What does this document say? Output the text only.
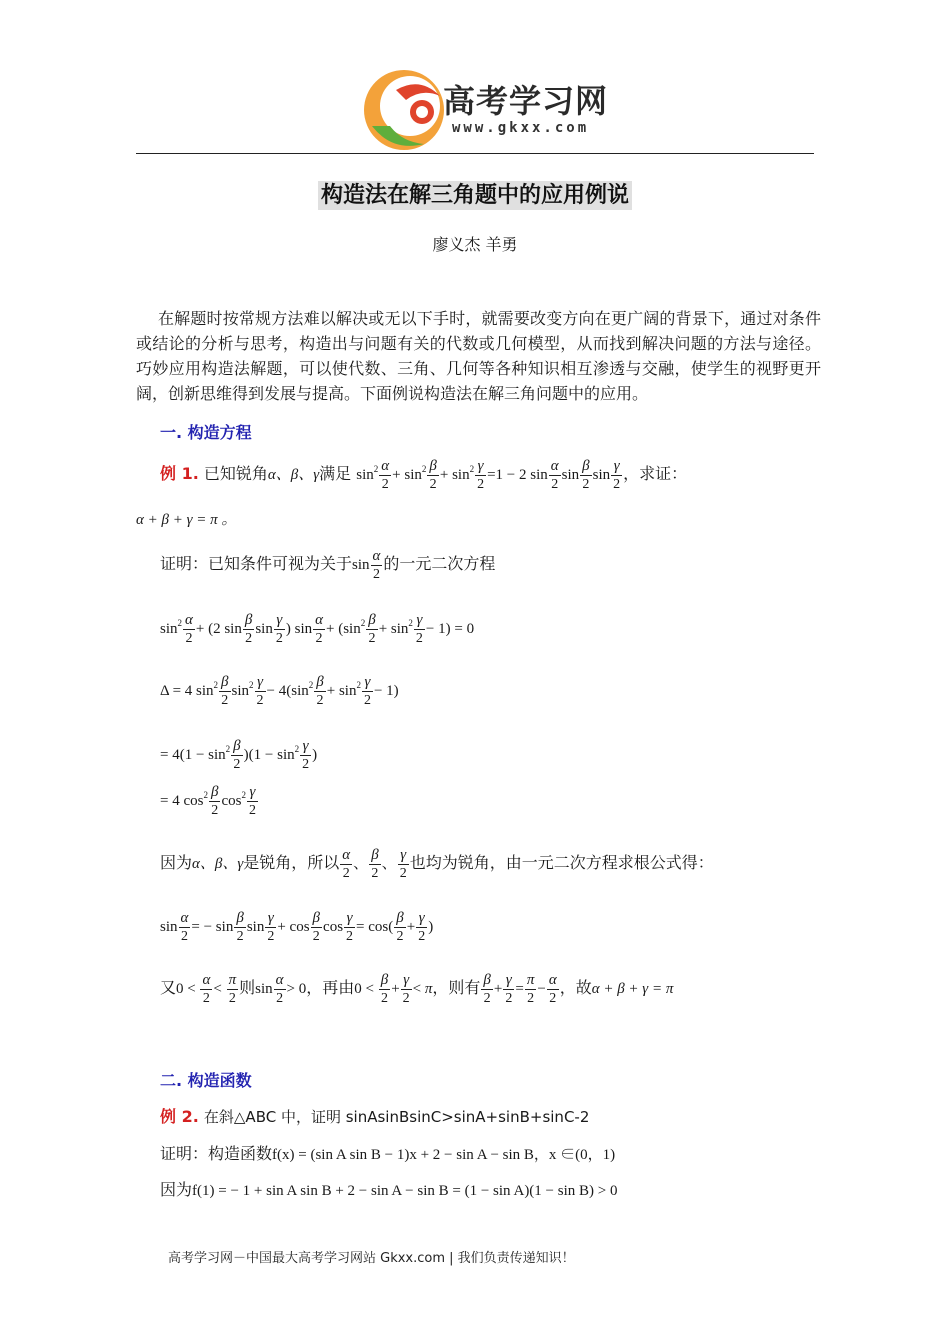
高考学习网
www.gkxx.com
构造法在解三角题中的应用例说
廖义杰 羊勇
在解题时按常规方法难以解决或无以下手时，就需要改变方向在更广阔的背景下，通过对条件或结论的分析与思考，构造出与问题有关的代数或几何模型，从而找到解决问题的方法与途径。巧妙应用构造法解题，可以使代数、三角、几何等各种知识相互渗透与交融，使学生的视野更开阔，创新思维得到发展与提高。下面例说构造法在解三角问题中的应用。
一. 构造方程
例 1. 已知锐角α、β、γ满足 $\sin^2 \frac{\alpha}{2} + \sin^2 \frac{\beta}{2} + \sin^2 \frac{\gamma}{2} =1 - 2$ $\sin \frac{\alpha}{2}$ $\sin \frac{\beta}{2}$ $\sin \frac{\gamma}{2}$ ，求证：
α + β + γ = π 。
证明：已知条件可视为关于$\sin \frac{\alpha}{2}$ 的一元二次方程
$\sin^2 \frac{\alpha}{2} + (2$ $\sin \frac{\beta}{2}$ $\sin \frac{\gamma}{2}$ ) $\sin \frac{\alpha}{2} + (\sin^2 \frac{\beta}{2} + \sin^2 \frac{\gamma}{2} - 1) = 0$
Δ = 4 $\sin^2 \frac{\beta}{2} \sin^2 \frac{\gamma}{2} - 4(\sin^2 \frac{\beta}{2} + \sin^2 \frac{\gamma}{2} - 1)$
= $4(1 - \sin^2 \frac{\beta}{2} )(1 - \sin^2 \frac{\gamma}{2}$ )
= 4 $\cos^2 \frac{\beta}{2} \cos^2 \frac{\gamma}{2}$
因为α、β、γ是锐角，所以 $\frac{\alpha}{2}$ 、 $\frac{\beta}{2}$ 、 $\frac{\gamma}{2}$ 也均为锐角，由一元二次方程求根公式得：
$\sin \frac{\alpha}{2}$ = − $\sin \frac{\beta}{2}$ $\sin \frac{\gamma}{2} + \cos \frac{\beta}{2}$ $\cos \frac{\gamma}{2} = \cos( \frac{\beta}{2} + \frac{\gamma}{2}$ )
又$0 < \frac{\alpha}{2} < \frac{\pi}{2}$ 则$\sin \frac{\alpha}{2} > 0$，再由$0 < \frac{\beta}{2} + \frac{\gamma}{2} < \pi$，则有 $\frac{\beta}{2} + \frac{\gamma}{2} = \frac{\pi}{2} - \frac{\alpha}{2}$ ，故α + β + γ = π
二. 构造函数
例 2. 在斜△ABC 中，证明 sinAsinBsinC>sinA+sinB+sinC-2
证明：构造函数f(x) = (sin A sin B − 1)x + 2 − sin A − sin B，x ∈(0，1)
因为f(1) = − 1 + sin A sin B + 2 − sin A − sin B = (1 − sin A)(1 − sin B) > 0
高考学习网－中国最大高考学习网站 Gkxx.com | 我们负责传递知识！
